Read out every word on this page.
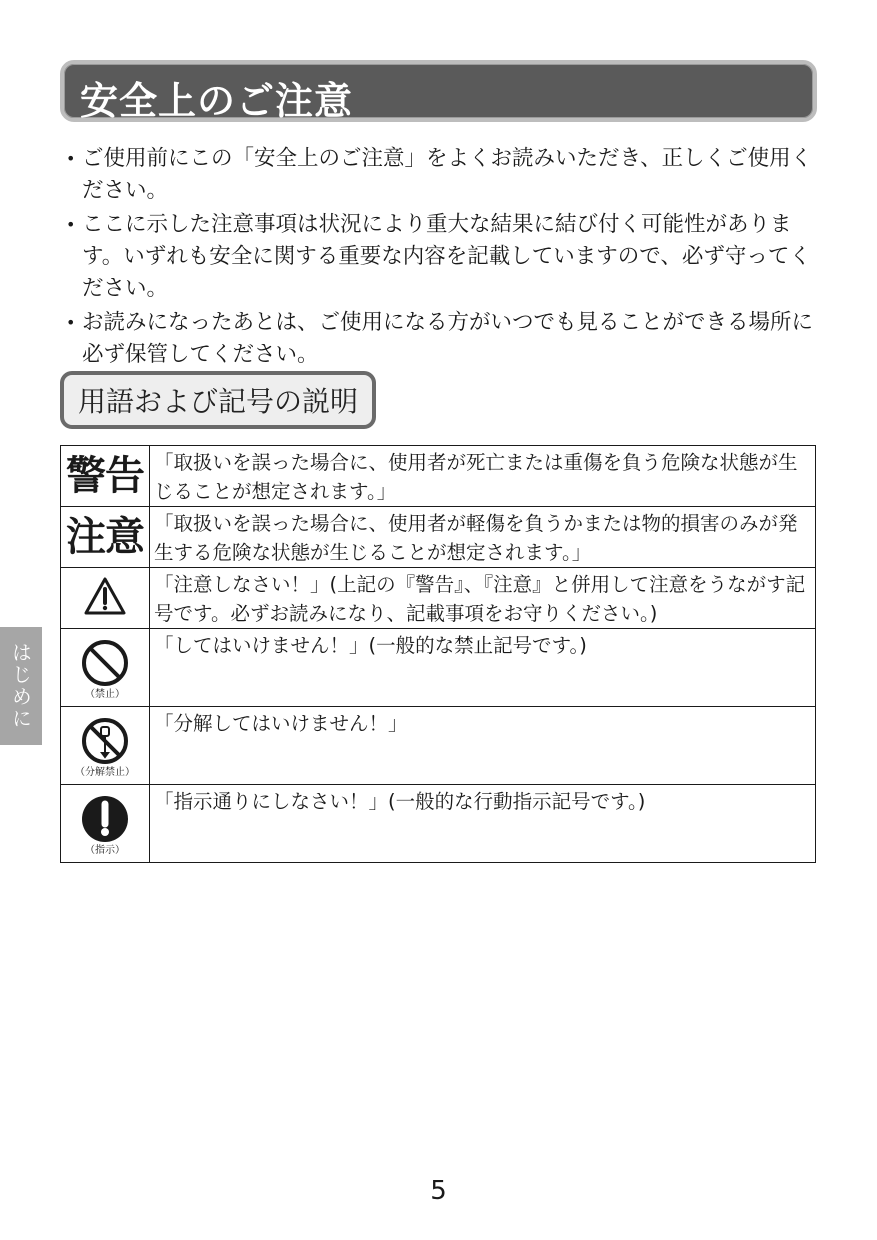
安全上のご注意
• ご使用前にこの「安全上のご注意」をよくお読みいただき、正しくご使用ください。
• ここに示した注意事項は状況により重大な結果に結び付く可能性があります。いずれも安全に関する重要な内容を記載していますので、必ず守ってください。
• お読みになったあとは、ご使用になる方がいつでも見ることができる場所に必ず保管してください。
用語および記号の説明
警告	「取扱いを誤った場合に、使用者が死亡または重傷を負う危険な状態が生じることが想定されます。」
注意	「取扱いを誤った場合に、使用者が軽傷を負うかまたは物的損害のみが発生する危険な状態が生じることが想定されます。」
	「注意しなさい！」(上記の『警告』、『注意』と併用して注意をうながす記号です。必ずお読みになり、記載事項をお守りください。)

（禁止）	「してはいけません！」(一般的な禁止記号です。)

（分解禁止）	「分解してはいけません！」

（指示）	「指示通りにしなさい！」(一般的な行動指示記号です。)
はじめに
5
